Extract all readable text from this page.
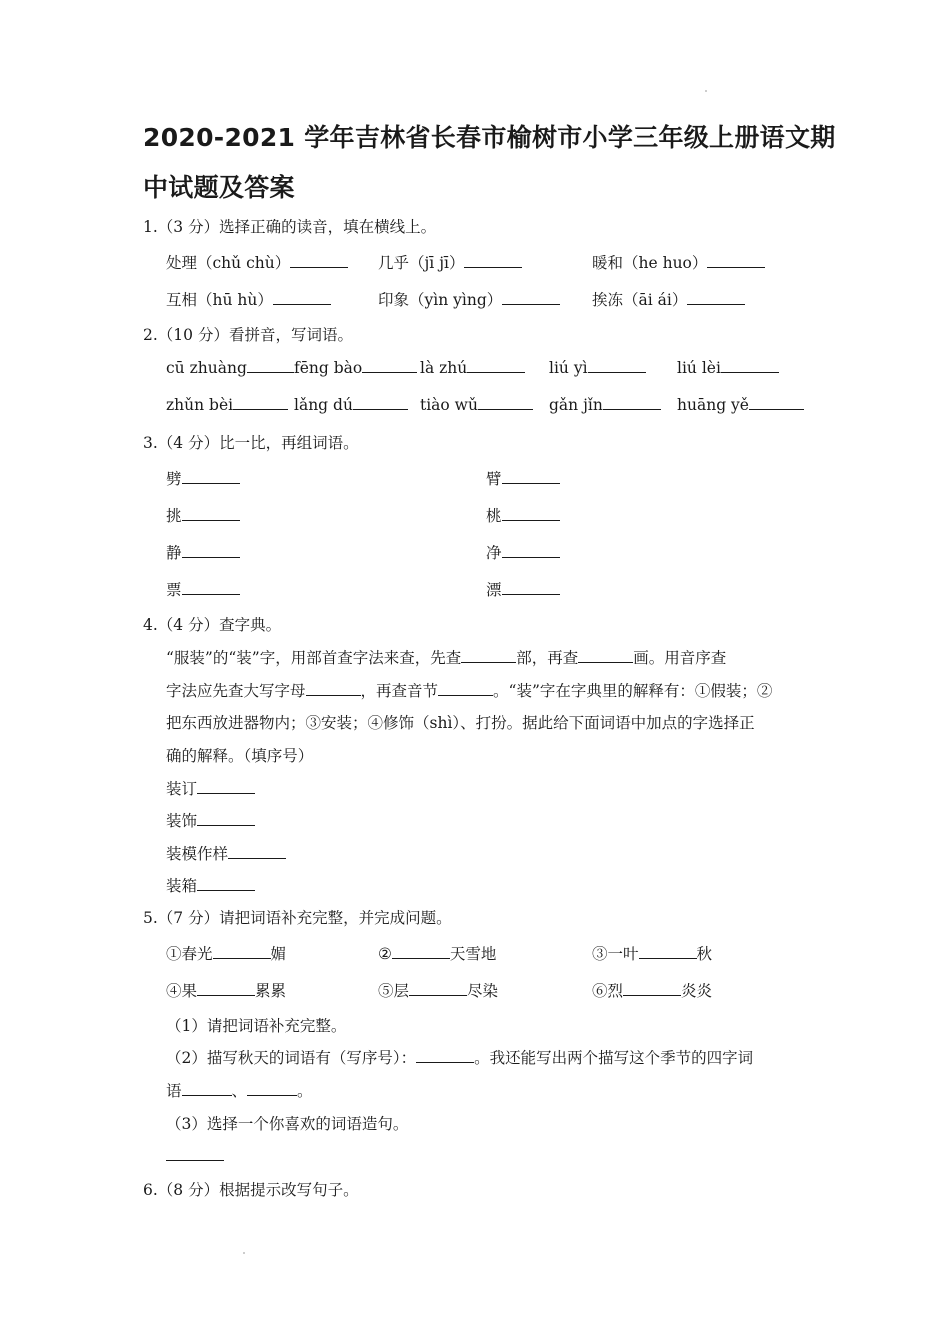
2020-2021 学年吉林省长春市榆树市小学三年级上册语文期
中试题及答案
1.（3 分）选择正确的读音，填在横线上。
处理（chǔ chù）	几乎（jī jī）	暖和（he huo）
互相（hū hù）	印象（yìn yìng）	挨冻（āi ái）
2.（10 分）看拼音，写词语。
cū zhuàng	fēng bào	là zhú	liú yì	liú lèi
zhǔn bèi	lǎng dú	tiào wǔ	gǎn jǐn	huāng yě
3.（4 分）比一比，再组词语。
劈	臂
挑	桃
静	净
票	漂
4.（4 分）查字典。
“服装”的“装”字，用部首查字法来查，先查	部，再查	画。用音序查
字法应先查大写字母	，再查音节	。“装”字在字典里的解释有：①假装；②
把东西放进器物内；③安装；④修饰（shì）、打扮。据此给下面词语中加点的字选择正
确的解释。（填序号）
装订
装饰
装模作样
装箱
5.（7 分）请把词语补充完整，并完成问题。
①春光	媚	②	天雪地	③一叶	秋
④果	累累	⑤层	尽染	⑥烈	炎炎
（1）请把词语补充完整。
（2）描写秋天的词语有（写序号）：	。我还能写出两个描写这个季节的四字词
语	、	。
（3）选择一个你喜欢的词语造句。
6.（8 分）根据提示改写句子。
